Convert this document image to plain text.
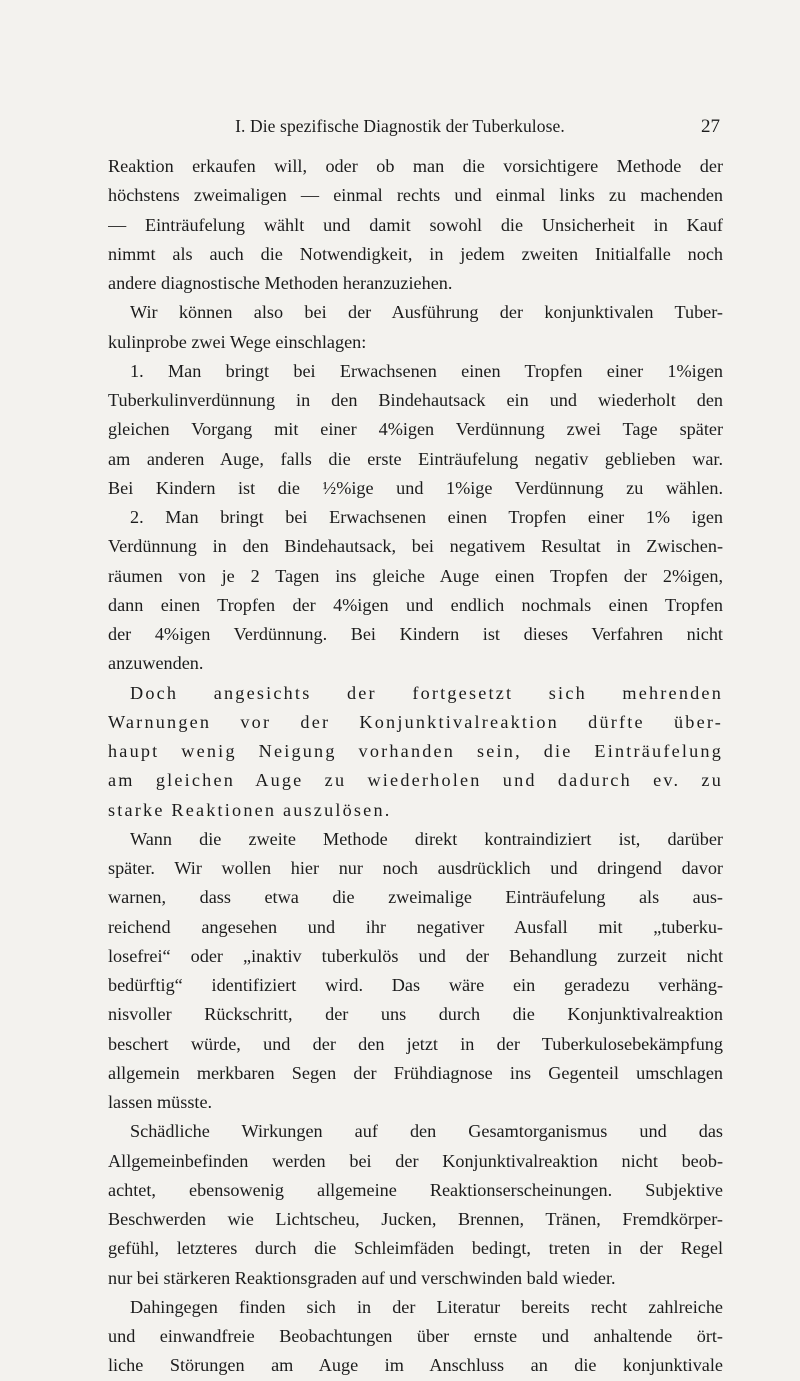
I. Die spezifische Diagnostik der Tuberkulose.	27
Reaktion erkaufen will, oder ob man die vorsichtigere Methode der
höchstens zweimaligen — einmal rechts und einmal links zu machenden
— Einträufelung wählt und damit sowohl die Unsicherheit in Kauf
nimmt als auch die Notwendigkeit, in jedem zweiten Initialfalle noch
andere diagnostische Methoden heranzuziehen.
Wir können also bei der Ausführung der konjunktivalen Tuber-
kulinprobe zwei Wege einschlagen:
1. Man bringt bei Erwachsenen einen Tropfen einer 1%igen
Tuberkulinverdünnung in den Bindehautsack ein und wiederholt den
gleichen Vorgang mit einer 4%igen Verdünnung zwei Tage später
am anderen Auge, falls die erste Einträufelung negativ geblieben war.
Bei Kindern ist die ½%ige und 1%ige Verdünnung zu wählen.
2. Man bringt bei Erwachsenen einen Tropfen einer 1% igen
Verdünnung in den Bindehautsack, bei negativem Resultat in Zwischen-
räumen von je 2 Tagen ins gleiche Auge einen Tropfen der 2%igen,
dann einen Tropfen der 4%igen und endlich nochmals einen Tropfen
der 4%igen Verdünnung. Bei Kindern ist dieses Verfahren nicht
anzuwenden.
Doch angesichts der fortgesetzt sich mehrenden
Warnungen vor der Konjunktivalreaktion dürfte über-
haupt wenig Neigung vorhanden sein, die Einträufelung
am gleichen Auge zu wiederholen und dadurch ev. zu
starke Reaktionen auszulösen.
Wann die zweite Methode direkt kontraindiziert ist, darüber
später. Wir wollen hier nur noch ausdrücklich und dringend davor
warnen, dass etwa die zweimalige Einträufelung als aus-
reichend angesehen und ihr negativer Ausfall mit „tuberku-
losefrei“ oder „inaktiv tuberkulös und der Behandlung zurzeit nicht
bedürftig“ identifiziert wird. Das wäre ein geradezu verhäng-
nisvoller Rückschritt, der uns durch die Konjunktivalreaktion
beschert würde, und der den jetzt in der Tuberkulosebekämpfung
allgemein merkbaren Segen der Frühdiagnose ins Gegenteil umschlagen
lassen müsste.
Schädliche Wirkungen auf den Gesamtorganismus und das
Allgemeinbefinden werden bei der Konjunktivalreaktion nicht beob-
achtet, ebensowenig allgemeine Reaktionserscheinungen. Subjektive
Beschwerden wie Lichtscheu, Jucken, Brennen, Tränen, Fremdkörper-
gefühl, letzteres durch die Schleimfäden bedingt, treten in der Regel
nur bei stärkeren Reaktionsgraden auf und verschwinden bald wieder.
Dahingegen finden sich in der Literatur bereits recht zahlreiche
und einwandfreie Beobachtungen über ernste und anhaltende ört-
liche Störungen am Auge im Anschluss an die konjunktivale
